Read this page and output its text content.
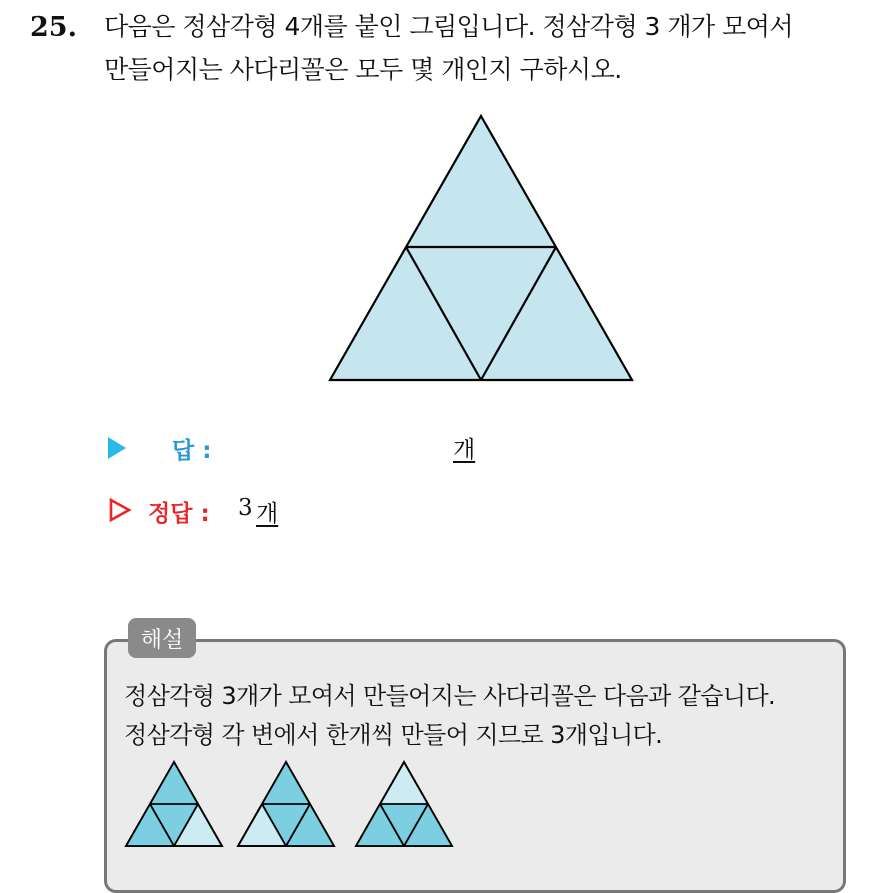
25. 다음은 정삼각형 4개를 붙인 그림입니다. 정삼각형 3 개가 모여서
만들어지는 사다리꼴은 모두 몇 개인지 구하시오.
답 :	개
정답 : 3 개
해설
정삼각형 3개가 모여서 만들어지는 사다리꼴은 다음과 같습니다.
정삼각형 각 변에서 한개씩 만들어 지므로 3개입니다.
